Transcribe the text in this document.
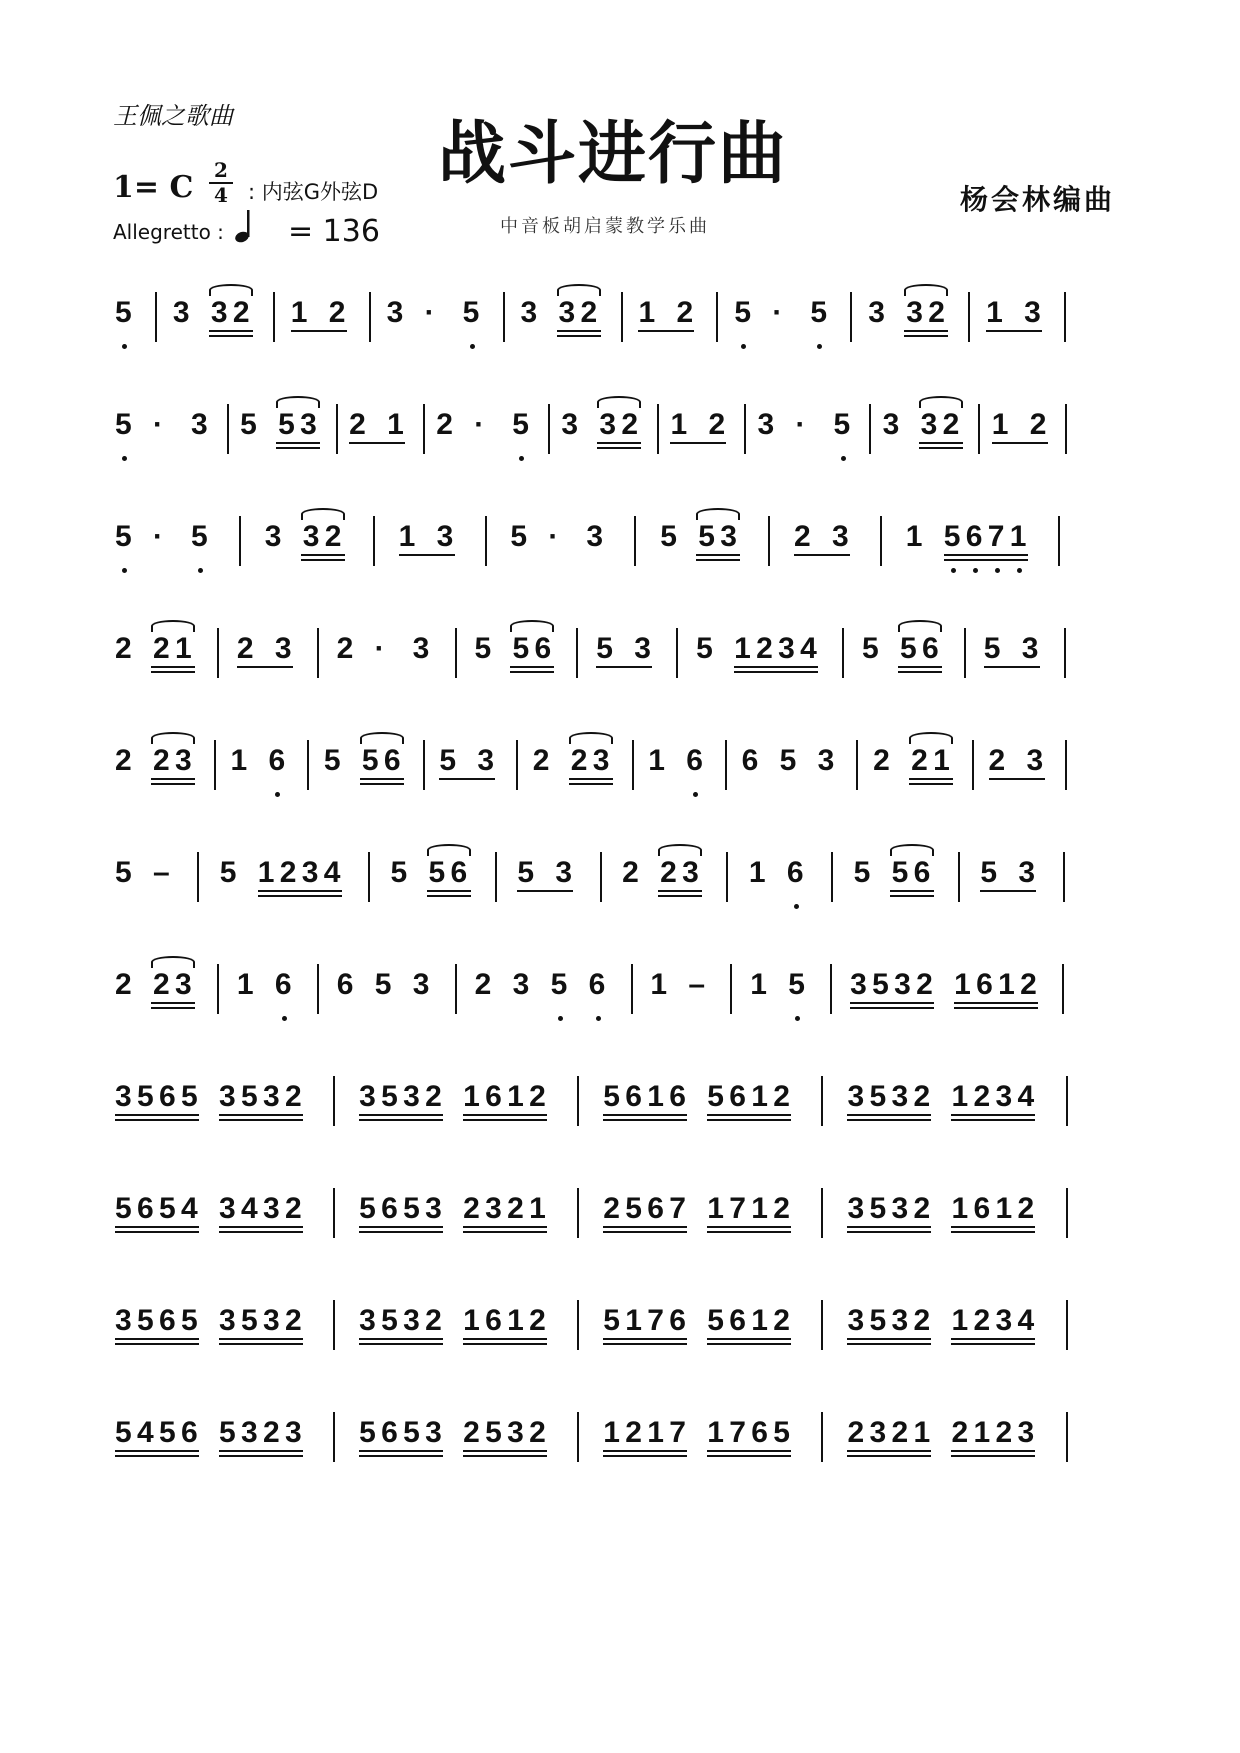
王佩之歌曲	战斗进行曲
1= C 2
4 : 内弦G外弦D
Allegretto : = 136
杨会林编曲
中音板胡启蒙教学乐曲
5 3 3 2 1 2 3 · 5 3 3 2 1 2 5 · 5 3 3 2 1 3
5 · 3 5 5 3 2 1 2 · 5 3 3 2 1 2 3 · 5 3 3 2 1 2
5 · 5 3 3 2 1 3 5 · 3 5 5 3 2 3 1 5 6 7 1
2 2 1 2 3 2 · 3 5 5 6 5 3 5 1 2 3 4 5 5 6 5 3
2 2 3 1 6 5 5 6 5 3 2 2 3 1 6 6 5 3 2 2 1 2 3
5 – 5 1 2 3 4 5 5 6 5 3 2 2 3 1 6 5 5 6 5 3
2 2 3 1 6 6 5 3 2 3 5 6 1 – 1 5 3 5 3 2 1 6 1 2
3 5 6 5 3 5 3 2 3 5 3 2 1 6 1 2 5 6 1 6 5 6 1 2 3 5 3 2 1 2 3 4
5 6 5 4 3 4 3 2 5 6 5 3 2 3 2 1 2 5 6 7 1 7 1 2 3 5 3 2 1 6 1 2
3 5 6 5 3 5 3 2 3 5 3 2 1 6 1 2 5 1 7 6 5 6 1 2 3 5 3 2 1 2 3 4
5 4 5 6 5 3 2 3 5 6 5 3 2 5 3 2 1 2 1 7 1 7 6 5 2 3 2 1 2 1 2 3
